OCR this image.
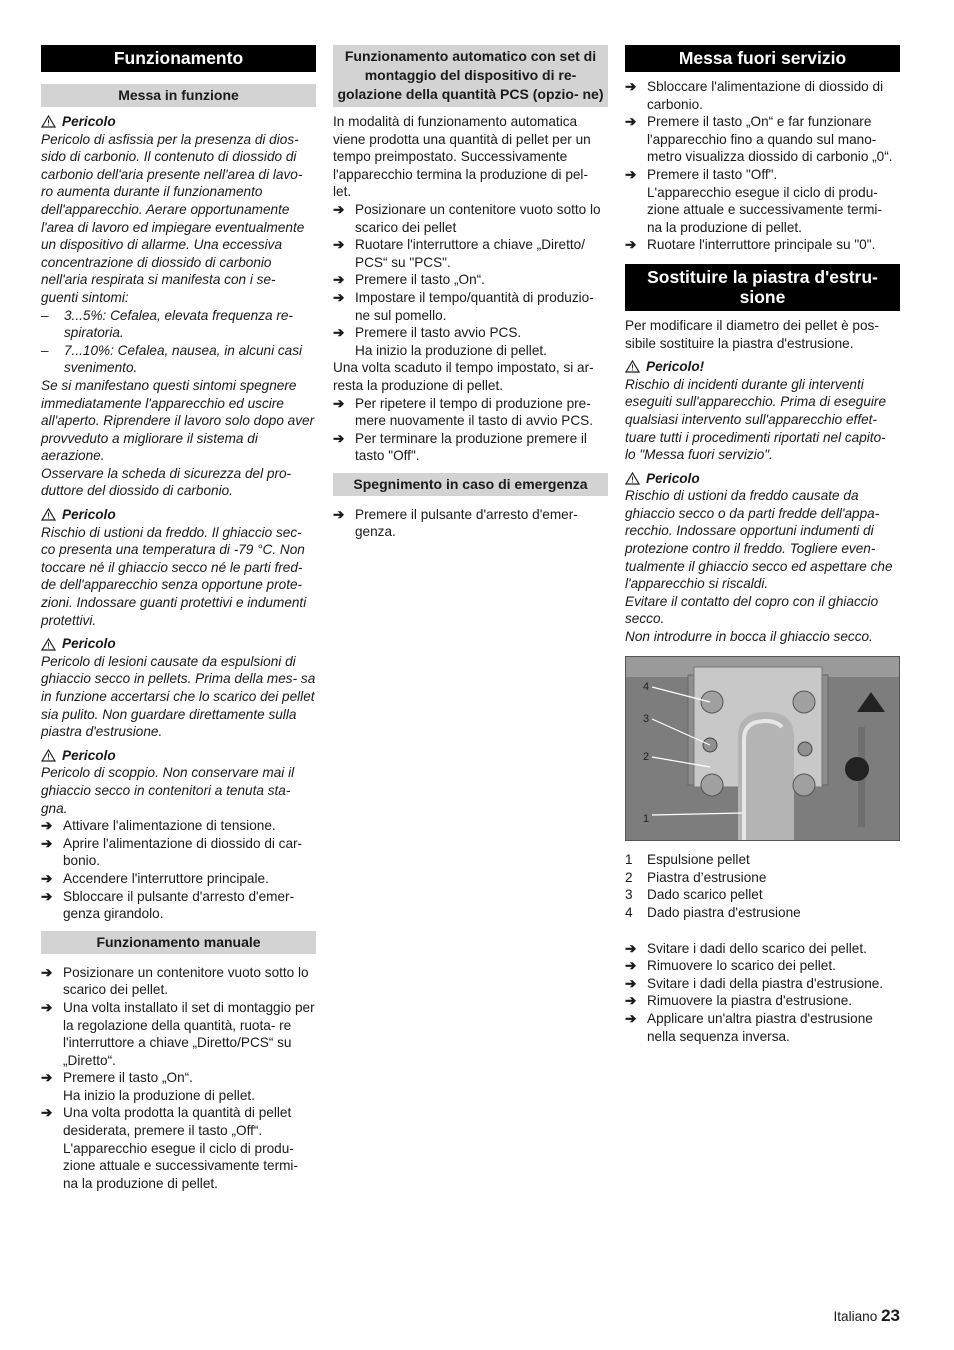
Funzionamento
Messa in funzione
Pericolo

Pericolo di asfissia per la presenza di dios- sido di carbonio. Il contenuto di diossido di carbonio dell'aria presente nell'area di lavo- ro aumenta durante il funzionamento dell'apparecchio. Aerare opportunamente l'area di lavoro ed impiegare eventualmente un dispositivo di allarme. Una eccessiva concentrazione di diossido di carbonio nell'aria respirata si manifesta con i se- guenti sintomi:

–	3...5%: Cefalea, elevata frequenza re- spiratoria.
–	7...10%: Cefalea, nausea, in alcuni casi svenimento.

Se si manifestano questi sintomi spegnere immediatamente l'apparecchio ed uscire all'aperto. Riprendere il lavoro solo dopo aver provveduto a migliorare il sistema di aerazione.

Osservare la scheda di sicurezza del pro- duttore del diossido di carbonio.

Pericolo

Rischio di ustioni da freddo. Il ghiaccio sec- co presenta una temperatura di -79 °C. Non toccare né il ghiaccio secco né le parti fred- de dell'apparecchio senza opportune prote- zioni. Indossare guanti protettivi e indumenti protettivi.

Pericolo

Pericolo di lesioni causate da espulsioni di ghiaccio secco in pellets. Prima della mes- sa in funzione accertarsi che lo scarico dei pellet sia pulito. Non guardare direttamente sulla piastra d'estrusione.

Pericolo

Pericolo di scoppio. Non conservare mai il ghiaccio secco in contenitori a tenuta sta- gna.

➔ Attivare l'alimentazione di tensione.
➔ Aprire l'alimentazione di diossido di car- bonio.
➔ Accendere l'interruttore principale.
➔ Sbloccare il pulsante d'arresto d'emer- genza girandolo.
Funzionamento manuale
➔ Posizionare un contenitore vuoto sotto lo scarico dei pellet.
➔ Una volta installato il set di montaggio per la regolazione della quantità, ruota- re l'interruttore a chiave „Diretto/PCS“ su „Diretto“.
➔ Premere il tasto „On“.

Ha inizio la produzione di pellet.

➔ Una volta prodotta la quantità di pellet desiderata, premere il tasto „Off“.

L'apparecchio esegue il ciclo di produ- zione attuale e successivamente termi- na la produzione di pellet.

Funzionamento automatico con set di montaggio del dispositivo di re- golazione della quantità PCS (opzio- ne)

In modalità di funzionamento automatica viene prodotta una quantità di pellet per un tempo preimpostato. Successivamente l'apparecchio termina la produzione di pel- let.

➔ Posizionare un contenitore vuoto sotto lo scarico dei pellet
➔ Ruotare l'interruttore a chiave „Diretto/ PCS“ su "PCS".
➔ Premere il tasto „On“.
➔ Impostare il tempo/quantità di produzio- ne sul pomello.
➔ Premere il tasto avvio PCS.

Ha inizio la produzione di pellet.

Una volta scaduto il tempo impostato, si ar- resta la produzione di pellet.

➔ Per ripetere il tempo di produzione pre- mere nuovamente il tasto di avvio PCS.
➔ Per terminare la produzione premere il tasto "Off".
Spegnimento in caso di emergenza
➔ Premere il pulsante d'arresto d'emer- genza.
Messa fuori servizio
➔ Sbloccare l'alimentazione di diossido di carbonio.
➔ Premere il tasto „On“ e far funzionare l'apparecchio fino a quando sul mano- metro visualizza diossido di carbonio „0“.
➔ Premere il tasto "Off".

L'apparecchio esegue il ciclo di produ- zione attuale e successivamente termi- na la produzione di pellet.

➔ Ruotare l'interruttore principale su "0".
Sostituire la piastra d'estru- sione

Per modificare il diametro dei pellet è pos- sibile sostituire la piastra d'estrusione.

Pericolo!

Rischio di incidenti durante gli interventi eseguiti sull'apparecchio. Prima di eseguire qualsiasi intervento sull'apparecchio effet- tuare tutti i procedimenti riportati nel capito- lo "Messa fuori servizio".

Pericolo

Rischio di ustioni da freddo causate da ghiaccio secco o da parti fredde dell'appa- recchio. Indossare opportuni indumenti di protezione contro il freddo. Togliere even- tualmente il ghiaccio secco ed aspettare che l'apparecchio si riscaldi.

Evitare il contatto del copro con il ghiaccio secco.

Non introdurre in bocca il ghiaccio secco.

4
3
2
1
1	Espulsione pellet
2	Piastra d’estrusione
3	Dado scarico pellet
4	Dado piastra d'estrusione
➔ Svitare i dadi dello scarico dei pellet.
➔ Rimuovere lo scarico dei pellet.
➔ Svitare i dadi della piastra d'estrusione.
➔ Rimuovere la piastra d'estrusione.
➔ Applicare un'altra piastra d'estrusione nella sequenza inversa.
Italiano 23
